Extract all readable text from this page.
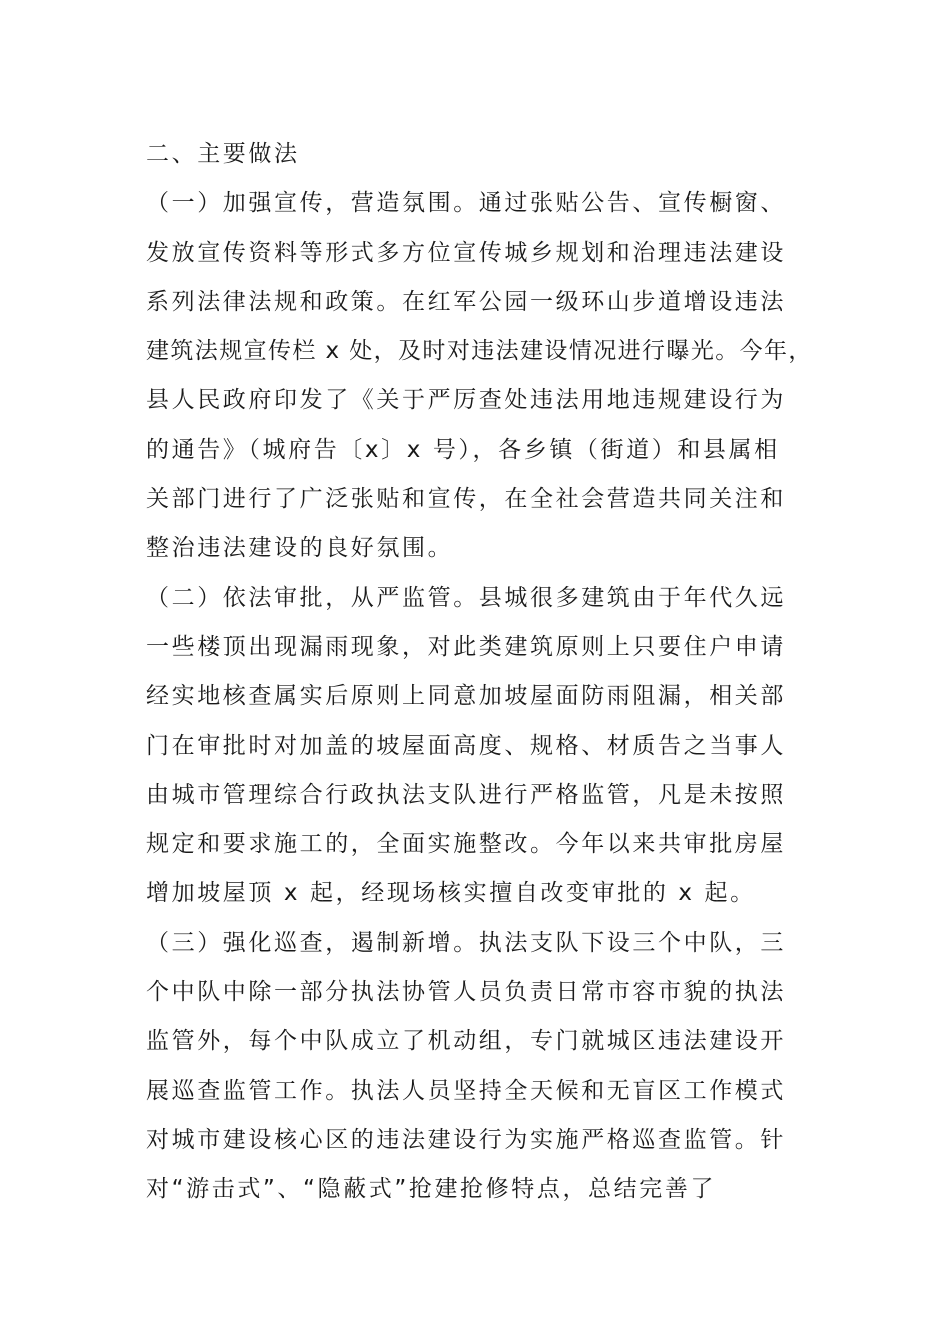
二、主要做法
（一）加强宣传，营造氛围。通过张贴公告、宣传橱窗、
发放宣传资料等形式多方位宣传城乡规划和治理违法建设
系列法律法规和政策。在红军公园一级环山步道增设违法
建筑法规宣传栏 x 处，及时对违法建设情况进行曝光。今年，
县人民政府印发了《关于严厉查处违法用地违规建设行为
的通告》（城府告〔x〕x 号），各乡镇（街道）和县属相
关部门进行了广泛张贴和宣传，在全社会营造共同关注和
整治违法建设的良好氛围。
（二）依法审批，从严监管。县城很多建筑由于年代久远
一些楼顶出现漏雨现象，对此类建筑原则上只要住户申请
经实地核查属实后原则上同意加坡屋面防雨阻漏，相关部
门在审批时对加盖的坡屋面高度、规格、材质告之当事人
由城市管理综合行政执法支队进行严格监管，凡是未按照
规定和要求施工的，全面实施整改。今年以来共审批房屋
增加坡屋顶 x 起，经现场核实擅自改变审批的 x 起。
（三）强化巡查，遏制新增。执法支队下设三个中队，三
个中队中除一部分执法协管人员负责日常市容市貌的执法
监管外，每个中队成立了机动组，专门就城区违法建设开
展巡查监管工作。执法人员坚持全天候和无盲区工作模式
对城市建设核心区的违法建设行为实施严格巡查监管。针
对“游击式”、“隐蔽式”抢建抢修特点，总结完善了
